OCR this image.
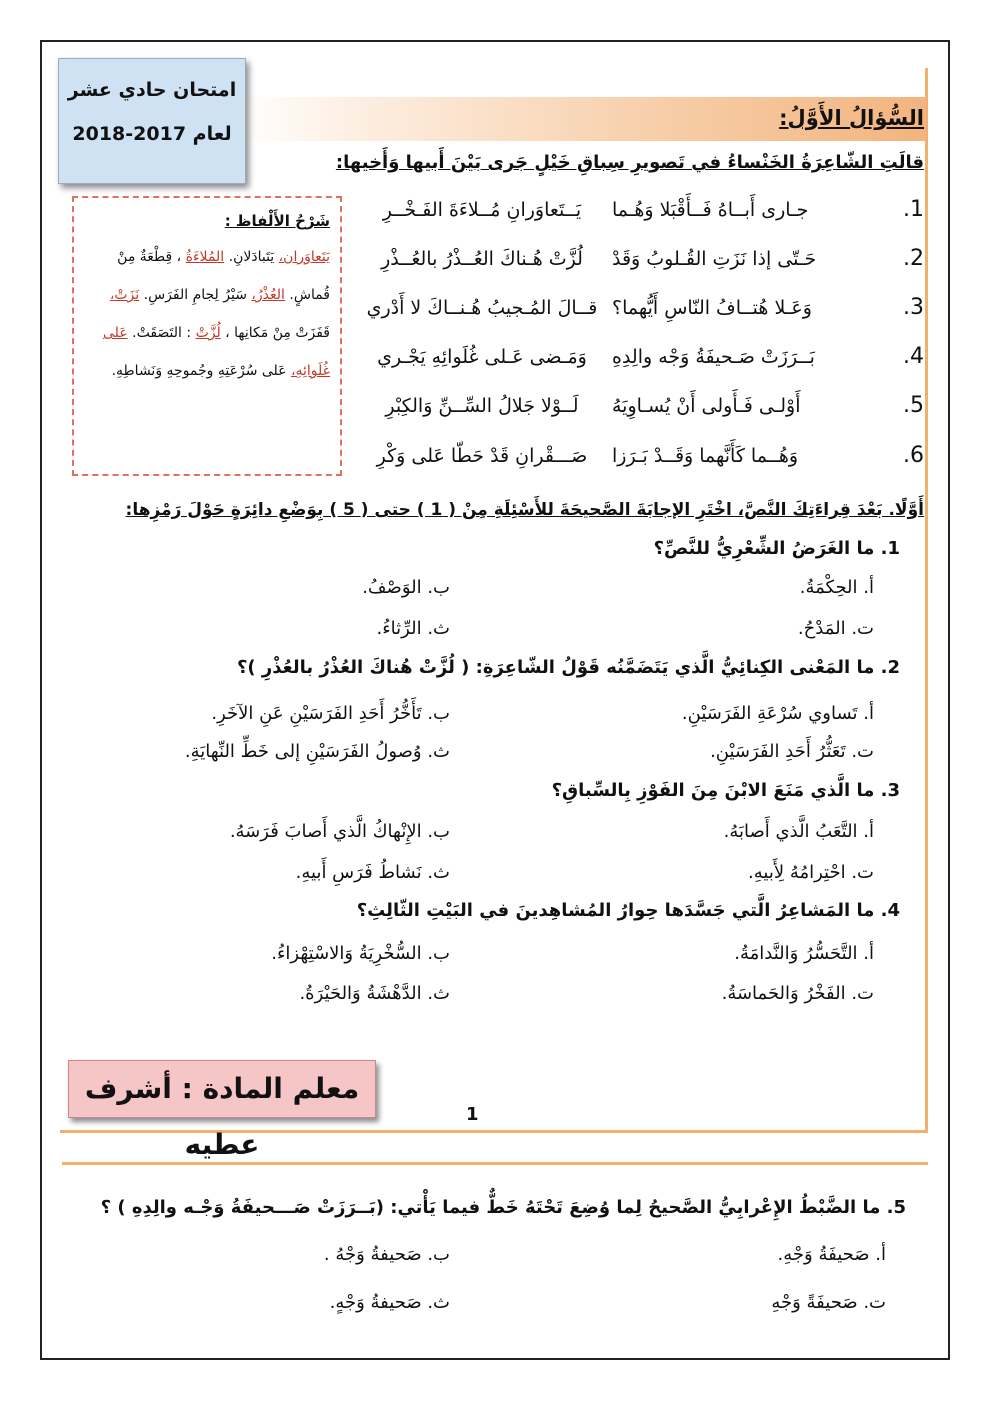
السُّؤالُ الأَوَّلُ:
امتحان حادي عشر
لعام 2017-2018
قالَتِ الشّاعِرَةُ الخَنْساءُ في تَصويرِ سِباقِ خَيْلٍ جَرى بَيْنَ أَبيها وَأَخيها:
1.
جـارى أَبــاهُ فَــأَقْبَلا وَهُـما
يَــتَعاوَرانِ مُــلاءَةَ الفَـخْــرِ
2.
حَـتّى إذا نَزَتِ القُـلوبُ وَقَدْ
لُزَّتْ هُـناكَ العُــذْرُ بالعُــذْرِ
3.
وَعَـلا هُتــافُ النّاسِ أَيُّهما؟
قــالَ المُـجيبُ هُـنــاكَ لا أَدْري
4.
بَــرَزَتْ صَـحيفَةُ وَجْه والِدِهِ
وَمَـضى عَـلى غُلَوائِهِ يَجْـري
5.
أَوْلـى فَـأَولى أَنْ يُسـاوِيَهُ
لَــوْلا جَلالُ السِّــنِّ وَالكِبْرِ
6.
وَهُــما كَأَنَّهما وَقَــدْ بَـرَزا
صَـــقْرانِ قَدْ حَطّا عَلى وَكْرِ
شَرْحُ الأَلْفاظ :
يَتَعاوَران، يَتَبادَلانِ. المُلاءَةُ ، قِطْعَةٌ مِنْ قُماشٍ. العُذْرُ، سَيْرُ لِجامِ الفَرَسِ. نَزَتْ، قَفَزَتْ مِنْ مَكانِها ، لُزَّتْ : التَصَقَتْ. عَلى غُلَوائِهِ، عَلى سُرْعَتِهِ وجُموحِهِ وَنَشاطِهِ.
أَوَّلًا. بَعْدَ قِراءَتِكَ النَّصَّ، اخْتَرِ الإجابَةَ الصَّحيحَةَ للأَسْئِلَةِ مِنْ ( 1 ) حتى ( 5 ) بِوَضْعِ دائِرَةٍ حَوْلَ رَمْزِها:
1. ما الغَرَضُ الشِّعْرِيُّ للنَّصِّ؟
أ. الحِكْمَةُ.
ب. الوَصْفُ.
ت. المَدْحُ.
ث. الرِّثاءُ.
2. ما المَعْنى الكِنائِيُّ الَّذي يَتَضَمَّنُه قَوْلُ الشّاعِرَةِ: ( لُزَّتْ هُناكَ العُذْرُ بالعُذْرِ )؟
أ. تَساوي سُرْعَةِ الفَرَسَيْنِ.
ب. تَأَخُّرُ أَحَدِ الفَرَسَيْنِ عَنِ الآخَرِ.
ت. تَعَثُّرُ أَحَدِ الفَرَسَيْنِ.
ث. وُصولُ الفَرَسَيْنِ إلى خَطِّ النِّهايَةِ.
3. ما الَّذي مَنَعَ الابْنَ مِنَ الفَوْزِ بِالسِّباقِ؟
أ. التَّعَبُ الَّذي أَصابَهُ.
ب. الإِنْهاكُ الَّذي أَصابَ فَرَسَهُ.
ت. احْتِرامُهُ لِأَبيهِ.
ث. نَشاطُ فَرَسِ أَبيهِ.
4. ما المَشاعِرُ الَّتي جَسَّدَها حِوارُ المُشاهِدينَ في البَيْتِ الثّالِثِ؟
أ. التَّحَسُّرُ وَالنَّدامَةُ.
ب. السُّخْرِيَةُ وَالاسْتِهْزاءُ.
ت. الفَخْرُ وَالحَماسَةُ.
ث. الدَّهْشَةُ وَالحَيْرَةُ.
معلم المادة : أشرف عطيه
1
5. ما الضَّبْطُ الإِعْرابِيُّ الصَّحيحُ لِما وُضِعَ تَحْتَهُ خَطٌّ فيما يَأْتي: (بَــرَزَتْ صَـــحيفَةُ وَجْـه والِدِهِ ) ؟
أ. صَحيفَةُ وَجْهِ.
ب. صَحيفةُ وَجْهُ .
ت. صَحيفَةً وَجْهِ
ث. صَحيفةُ وَجْهٍ.
